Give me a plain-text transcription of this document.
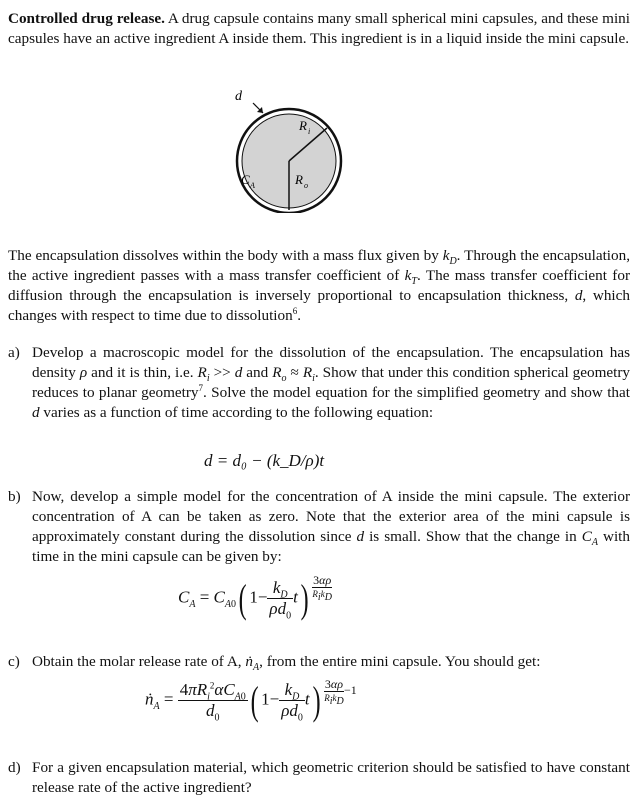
Controlled drug release. A drug capsule contains many small spherical mini capsules, and these mini capsules have an active ingredient A inside them. This ingredient is in a liquid inside the mini capsule.
d
R i
C A	R o
The encapsulation dissolves within the body with a mass flux given by $k_D$. Through the encapsulation, the active ingredient passes with a mass transfer coefficient of $k_T$. The mass transfer coefficient for diffusion through the encapsulation is inversely proportional to encapsulation thickness, d, which changes with respect to time due to dissolution$^6$.
a) Develop a macroscopic model for the dissolution of the encapsulation. The encapsulation has density ρ and it is thin, i.e. $R_i >> d$ and $R_o \approx R_i$. Show that under this condition spherical geometry reduces to planar geometry$^7$. Solve the model equation for the simplified geometry and show that d varies as a function of time according to the following equation:
d = d₀ − (k_D/ρ)t
b) Now, develop a simple model for the concentration of A inside the mini capsule. The exterior concentration of A can be taken as zero. Note that the exterior area of the mini capsule is approximately constant during the dissolution since d is small. Show that the change in $C_A$ with time in the mini capsule can be given by:
$C_A = C_{A0}$( $1- \frac{k_D}{\rho d_0} t$) 3αρ
$R_ik_D$
c) Obtain the molar release rate of A, ṅ$_A$, from the entire mini capsule. You should get:
ṅ$_A$ = $\frac{4\pi R_i^2\alpha C_{A0}}{d_0}$ ( $1- \frac{k_D}{\rho d_0} t$) 3αρ
$R_ik_D$
$^{-1}$
d) For a given encapsulation material, which geometric criterion should be satisfied to have constant release rate of the active ingredient?
